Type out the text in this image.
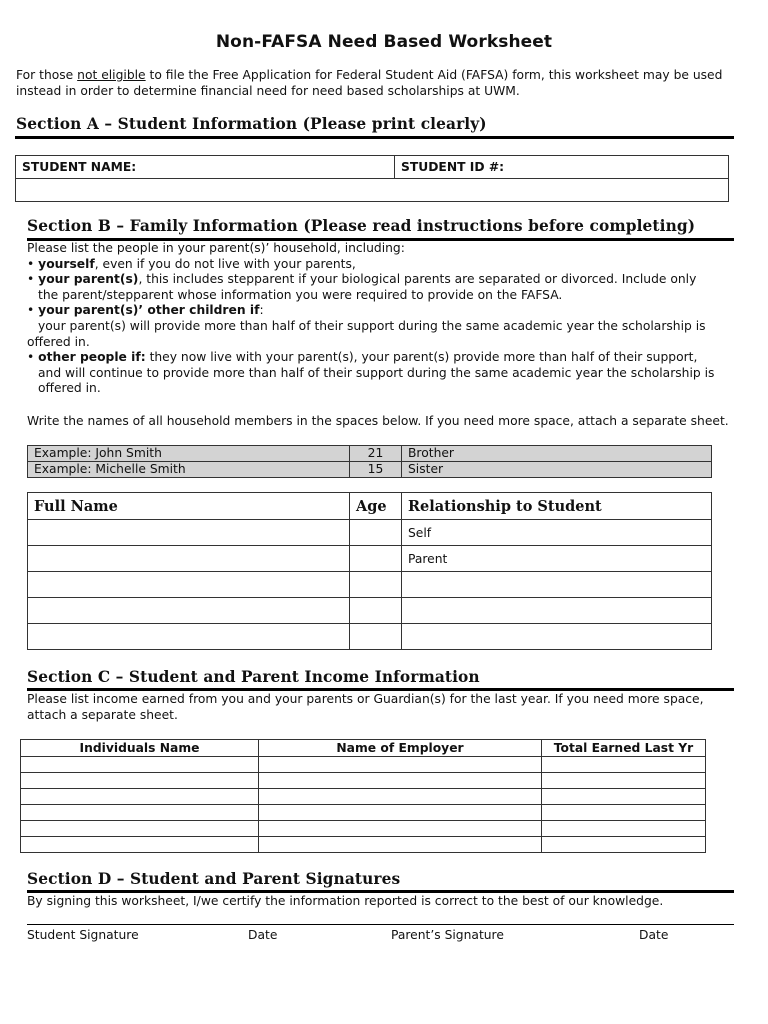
Non-FAFSA Need Based Worksheet
For those not eligible to file the Free Application for Federal Student Aid (FAFSA) form, this worksheet may be used instead in order to determine financial need for need based scholarships at UWM.
Section A – Student Information (Please print clearly)
STUDENT NAME:	STUDENT ID #:

Section B – Family Information (Please read instructions before completing)
Please list the people in your parent(s)’ household, including:
• yourself, even if you do not live with your parents,
• your parent(s), this includes stepparent if your biological parents are separated or divorced. Include only
the parent/stepparent whose information you were required to provide on the FAFSA.
• your parent(s)’ other children if:
your parent(s) will provide more than half of their support during the same academic year the scholarship is
offered in.
• other people if: they now live with your parent(s), your parent(s) provide more than half of their support,
and will continue to provide more than half of their support during the same academic year the scholarship is
offered in.
Write the names of all household members in the spaces below. If you need more space, attach a separate sheet.
Example: John Smith	21	Brother
Example: Michelle Smith	15	Sister
Full Name	Age	Relationship to Student
		Self
		Parent

Section C – Student and Parent Income Information
Please list income earned from you and your parents or Guardian(s) for the last year. If you need more space, attach a separate sheet.
Individuals Name	Name of Employer	Total Earned Last Yr

Section D – Student and Parent Signatures
By signing this worksheet, I/we certify the information reported is correct to the best of our knowledge.
Student Signature	Date	Parent’s Signature	Date
